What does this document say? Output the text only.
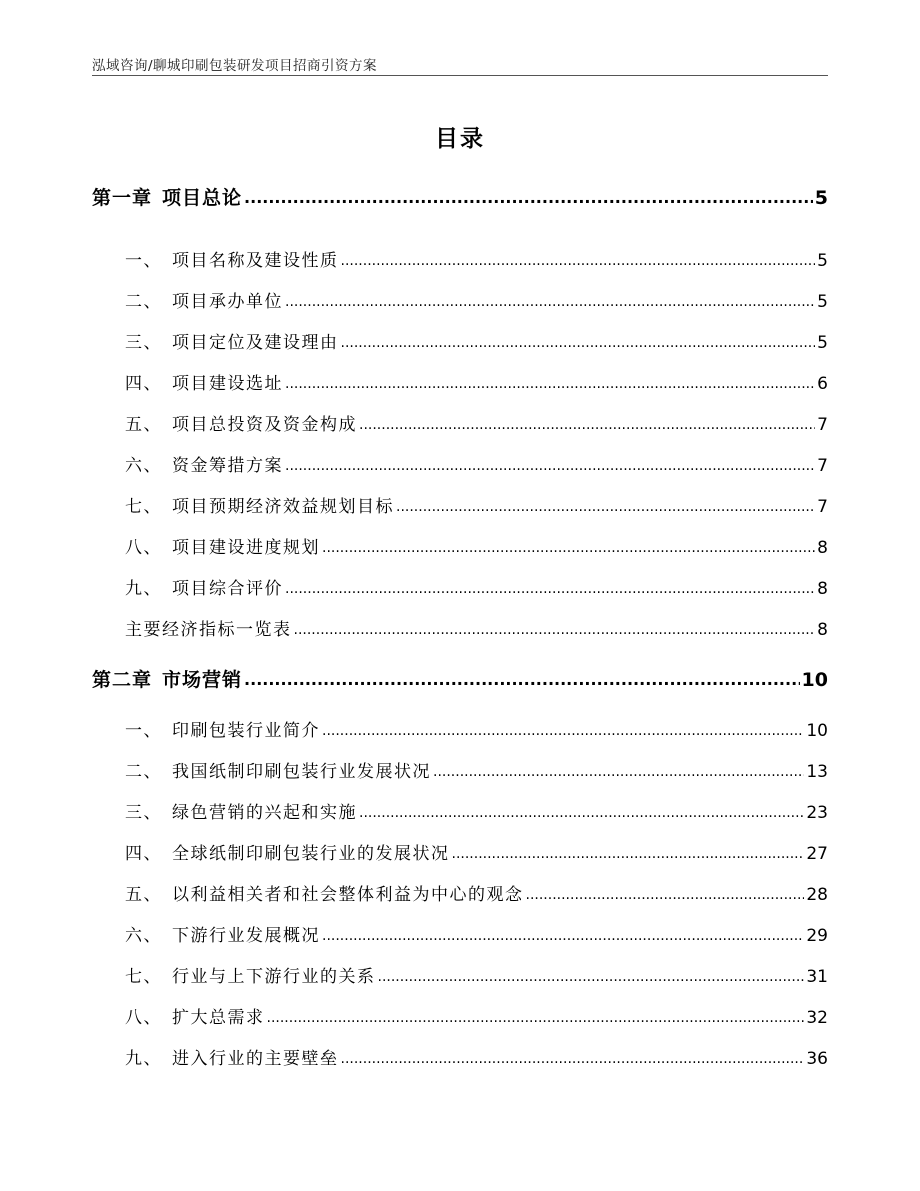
泓域咨询/聊城印刷包装研发项目招商引资方案
目录
第一章 项目总论 .....	5
一、 项目名称及建设性质 .....	5
二、 项目承办单位 .....	5
三、 项目定位及建设理由 .....	5
四、 项目建设选址 .....	6
五、 项目总投资及资金构成 .....	7
六、 资金筹措方案 .....	7
七、 项目预期经济效益规划目标 .....	7
八、 项目建设进度规划 .....	8
九、 项目综合评价 .....	8
主要经济指标一览表 .....	8
第二章 市场营销 .....	10
一、 印刷包装行业简介 .....	10
二、 我国纸制印刷包装行业发展状况 .....	13
三、 绿色营销的兴起和实施 .....	23
四、 全球纸制印刷包装行业的发展状况 .....	27
五、 以利益相关者和社会整体利益为中心的观念 .....	28
六、 下游行业发展概况 .....	29
七、 行业与上下游行业的关系 .....	31
八、 扩大总需求 .....	32
九、 进入行业的主要壁垒 .....	36
